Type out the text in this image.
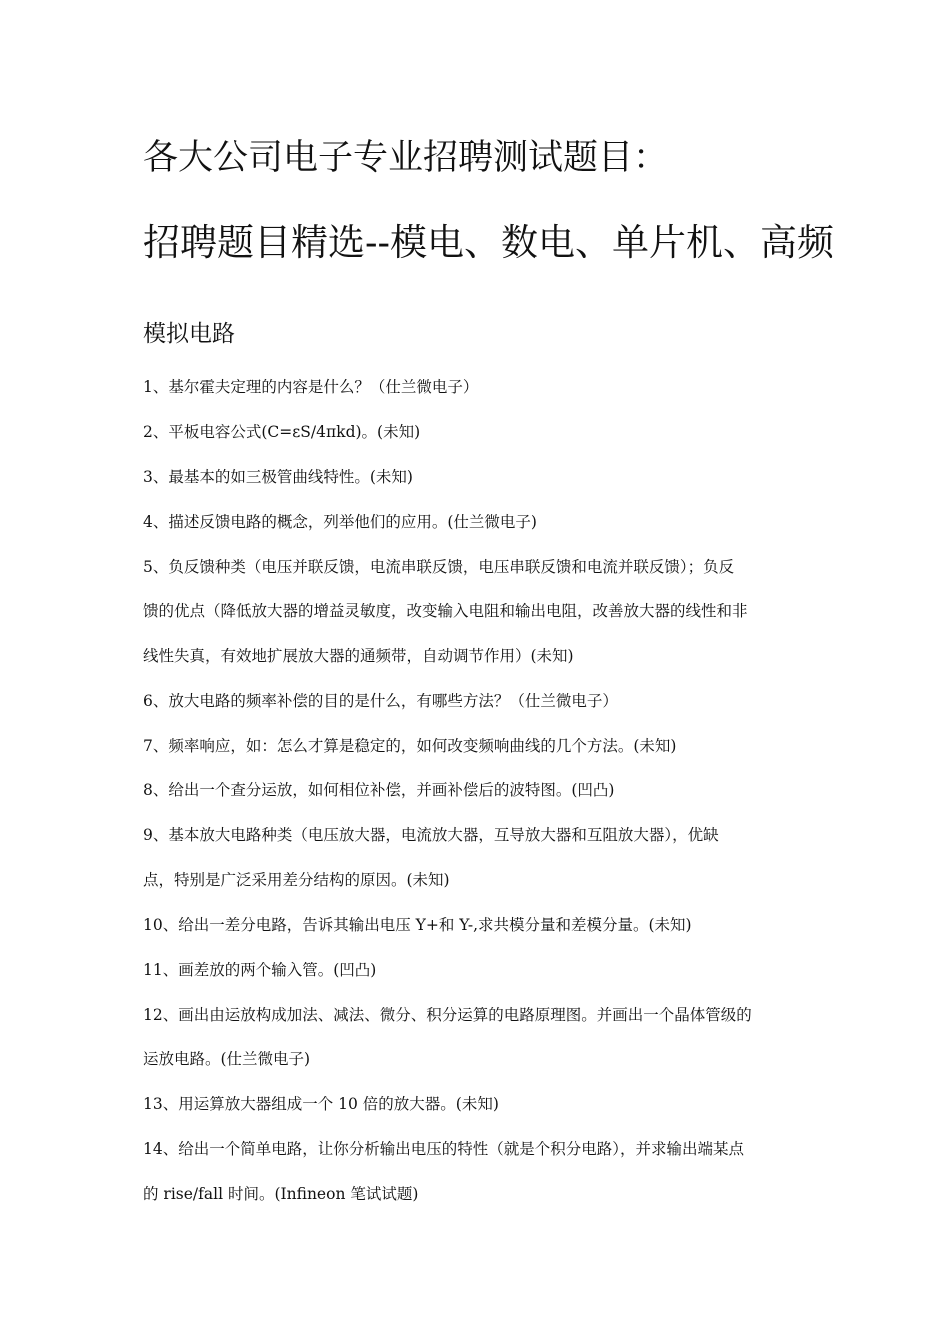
各大公司电子专业招聘测试题目：
招聘题目精选--模电、数电、单片机、高频
模拟电路
1、基尔霍夫定理的内容是什么？（仕兰微电子）
2、平板电容公式(C=εS/4πkd)。(未知)
3、最基本的如三极管曲线特性。(未知)
4、描述反馈电路的概念，列举他们的应用。(仕兰微电子)
5、负反馈种类（电压并联反馈，电流串联反馈，电压串联反馈和电流并联反馈）；负反
馈的优点（降低放大器的增益灵敏度，改变输入电阻和输出电阻，改善放大器的线性和非
线性失真，有效地扩展放大器的通频带，自动调节作用）(未知)
6、放大电路的频率补偿的目的是什么，有哪些方法？（仕兰微电子）
7、频率响应，如：怎么才算是稳定的，如何改变频响曲线的几个方法。(未知)
8、给出一个查分运放，如何相位补偿，并画补偿后的波特图。(凹凸)
9、基本放大电路种类（电压放大器，电流放大器，互导放大器和互阻放大器），优缺
点，特别是广泛采用差分结构的原因。(未知)
10、给出一差分电路，告诉其输出电压 Y+和 Y-,求共模分量和差模分量。(未知)
11、画差放的两个输入管。(凹凸)
12、画出由运放构成加法、减法、微分、积分运算的电路原理图。并画出一个晶体管级的
运放电路。(仕兰微电子)
13、用运算放大器组成一个 10 倍的放大器。(未知)
14、给出一个简单电路，让你分析输出电压的特性（就是个积分电路），并求输出端某点
的 rise/fall 时间。(Infineon 笔试试题)
